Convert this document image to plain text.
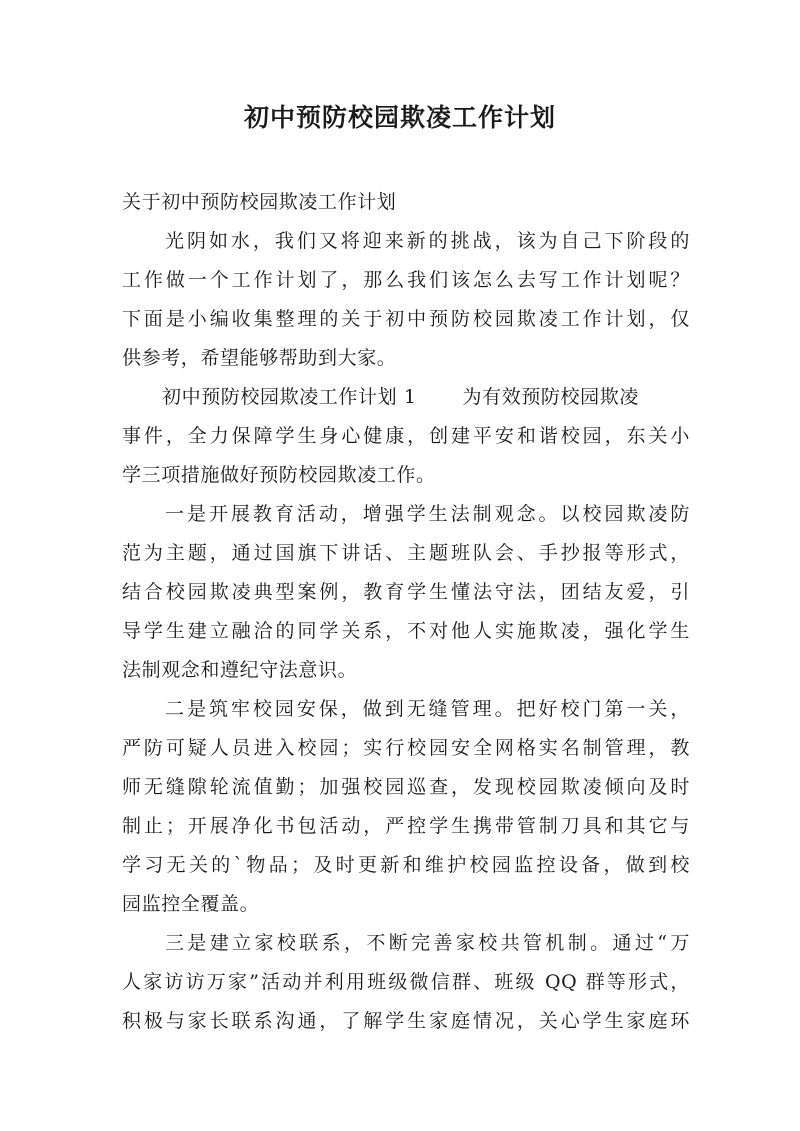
初中预防校园欺凌工作计划
关于初中预防校园欺凌工作计划
光阴如水，我们又将迎来新的挑战，该为自己下阶段的
工作做一个工作计划了，那么我们该怎么去写工作计划呢？
下面是小编收集整理的关于初中预防校园欺凌工作计划，仅
供参考，希望能够帮助到大家。
初中预防校园欺凌工作计划 1 为有效预防校园欺凌
事件，全力保障学生身心健康，创建平安和谐校园，东关小
学三项措施做好预防校园欺凌工作。
一是开展教育活动，增强学生法制观念。以校园欺凌防
范为主题，通过国旗下讲话、主题班队会、手抄报等形式，
结合校园欺凌典型案例，教育学生懂法守法，团结友爱，引
导学生建立融洽的同学关系，不对他人实施欺凌，强化学生
法制观念和遵纪守法意识。
二是筑牢校园安保，做到无缝管理。把好校门第一关，
严防可疑人员进入校园；实行校园安全网格实名制管理，教
师无缝隙轮流值勤；加强校园巡查，发现校园欺凌倾向及时
制止；开展净化书包活动，严控学生携带管制刀具和其它与
学习无关的`物品；及时更新和维护校园监控设备，做到校
园监控全覆盖。
三是建立家校联系，不断完善家校共管机制。通过“万
人家访访万家”活动并利用班级微信群、班级 QQ 群等形式，
积极与家长联系沟通，了解学生家庭情况，关心学生家庭环
